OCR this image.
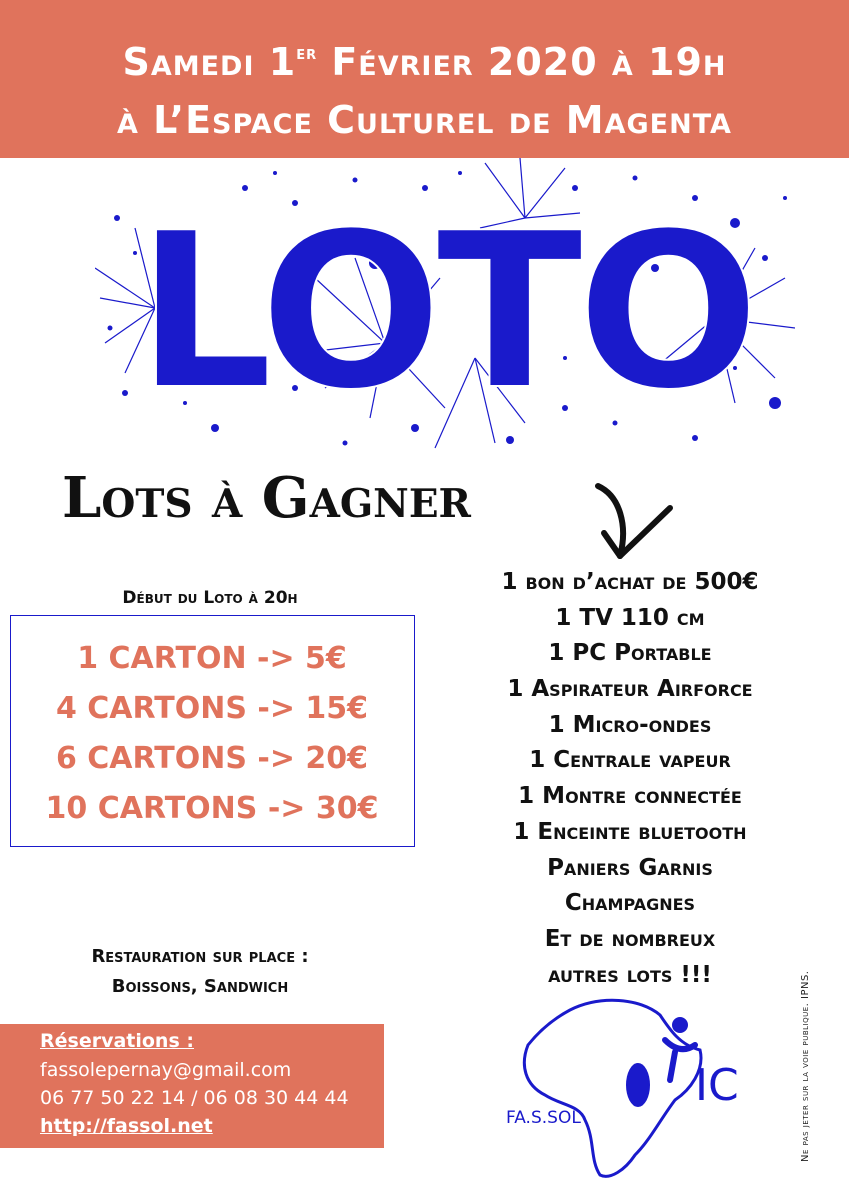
Samedi 1er Février 2020 à 19h
à L’Espace Culturel de Magenta
LOTO
Lots à Gagner
Début du Loto à 20h
1 CARTON -> 5€
4 CARTONS -> 15€
6 CARTONS -> 20€
10 CARTONS -> 30€
1 bon d’achat de 500€
1 TV 110 cm
1 PC Portable
1 Aspirateur Airforce
1 Micro-ondes
1 Centrale vapeur
1 Montre connectée
1 Enceinte bluetooth
Paniers Garnis
Champagnes
Et de nombreux
autres lots !!!
Restauration sur place :
Boissons, Sandwich
Réservations :
fassolepernay@gmail.com
06 77 50 22 14 / 06 08 30 44 44
http://fassol.net
IC
FA.S.SOL	Ne pas jeter sur la voie publique. IPNS.
